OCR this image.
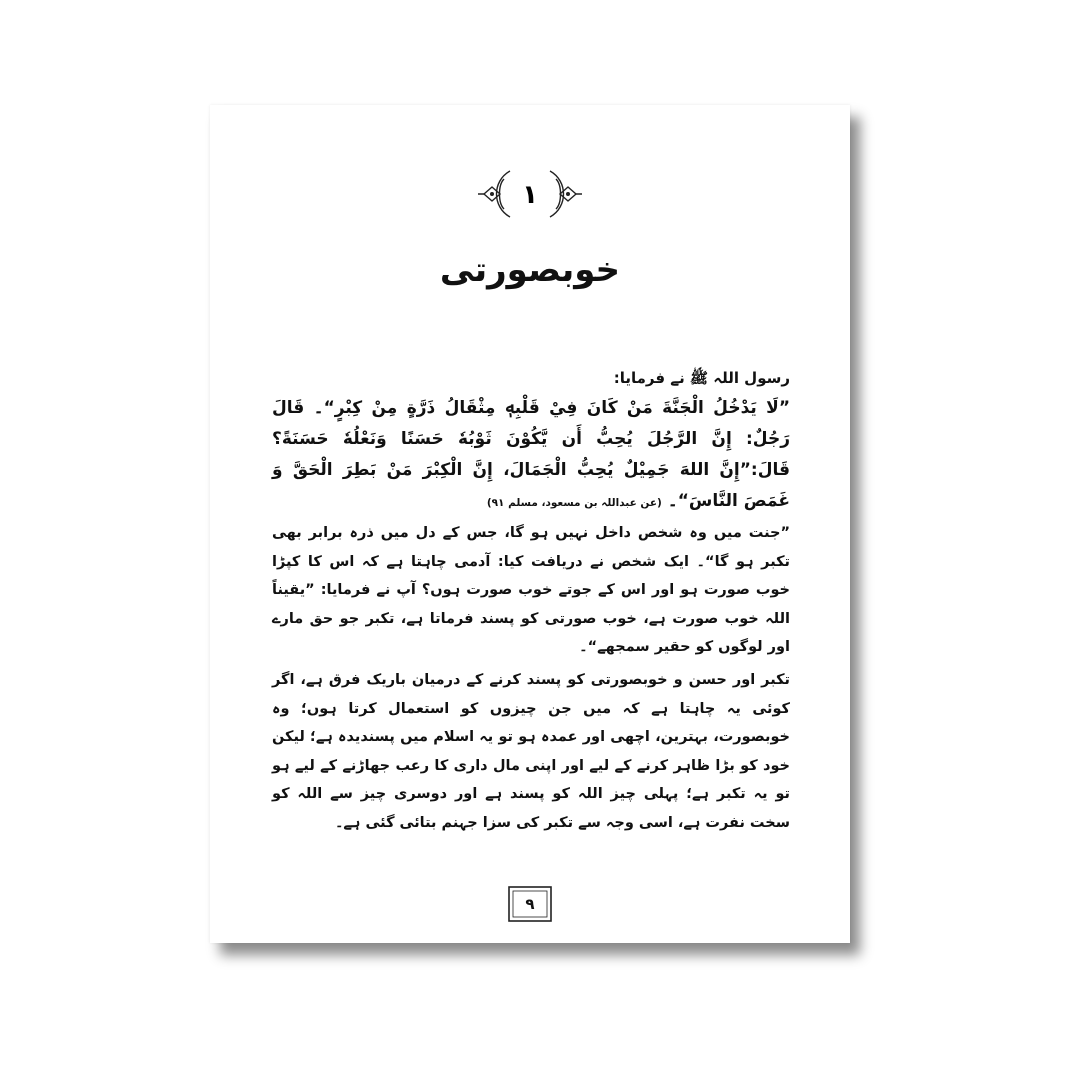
۱
خوبصورتی

رسول اللہ ﷺ نے فرمایا:

”لَا يَدْخُلُ الْجَنَّةَ مَنْ كَانَ فِيْ قَلْبِهٖ مِثْقَالُ ذَرَّةٍ مِنْ كِبْرٍ“۔ قَالَ رَجُلٌ: إِنَّ الرَّجُلَ يُحِبُّ أَن يَّكُوْنَ ثَوْبُهٗ حَسَنًا وَنَعْلُهٗ حَسَنَةً؟ قَالَ:”إِنَّ اللهَ جَمِيْلٌ يُحِبُّ الْجَمَالَ، إِنَّ الْكِبْرَ مَنْ بَطِرَ الْحَقَّ وَ غَمَصَ النَّاسَ“۔ (عن عبداللہ بن مسعود، مسلم ۹۱)

”جنت میں وہ شخص داخل نہیں ہو گا، جس کے دل میں ذرہ برابر بھی تکبر ہو گا“۔ ایک شخص نے دریافت کیا: آدمی چاہتا ہے کہ اس کا کپڑا خوب صورت ہو اور اس کے جوتے خوب صورت ہوں؟ آپ نے فرمایا: ”یقیناً اللہ خوب صورت ہے، خوب صورتی کو پسند فرماتا ہے، تکبر جو حق مارے اور لوگوں کو حقیر سمجھے“۔

تکبر اور حسن و خوبصورتی کو پسند کرنے کے درمیان باریک فرق ہے، اگر کوئی یہ چاہتا ہے کہ میں جن چیزوں کو استعمال کرتا ہوں؛ وہ خوبصورت، بہترین، اچھی اور عمدہ ہو تو یہ اسلام میں پسندیدہ ہے؛ لیکن خود کو بڑا ظاہر کرنے کے لیے اور اپنی مال داری کا رعب جھاڑنے کے لیے ہو تو یہ تکبر ہے؛ پہلی چیز اللہ کو پسند ہے اور دوسری چیز سے اللہ کو سخت نفرت ہے، اسی وجہ سے تکبر کی سزا جہنم بتائی گئی ہے۔

۹
